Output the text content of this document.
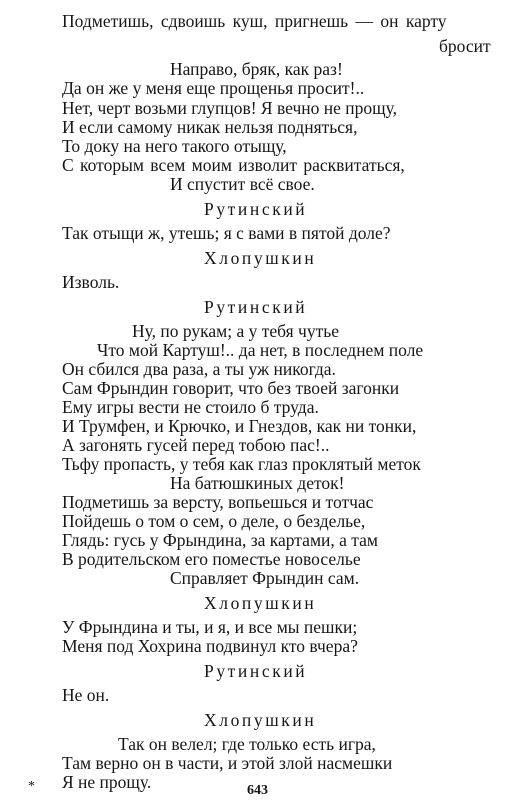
Подметишь, сдвоишь куш, пригнешь — он карту
бросит
Направо, бряк, как раз!
Да он же у меня еще прощенья просит!..
Нет, черт возьми глупцов! Я вечно не прощу,
И если самому никак нельзя подняться,
То доку на него такого отыщу,
С которым всем моим изволит расквитаться,
И спустит всё свое.
Рутинский
Так отыщи ж, утешь; я с вами в пятой доле?
Хлопушкин
Изволь.
Рутинский
Ну, по рукам; а у тебя чутье
Что мой Картуш!.. да нет, в последнем поле
Он сбился два раза, а ты уж никогда.
Сам Фрындин говорит, что без твоей загонки
Ему игры вести не стоило б труда.
И Трумфен, и Крючко, и Гнездов, как ни тонки,
А загонять гусей перед тобою пас!..
Тьфу пропасть, у тебя как глаз проклятый меток
На батюшкиных деток!
Подметишь за версту, вопьешься и тотчас
Пойдешь о том о сем, о деле, о безделье,
Глядь: гусь у Фрындина, за картами, а там
В родительском его поместье новоселье
Справляет Фрындин сам.
Хлопушкин
У Фрындина и ты, и я, и все мы пешки;
Меня под Хохрина подвинул кто вчера?
Рутинский
Не он.
Хлопушкин
Так он велел; где только есть игра,
Там верно он в части, и этой злой насмешки
Я не прощу.
*	643
